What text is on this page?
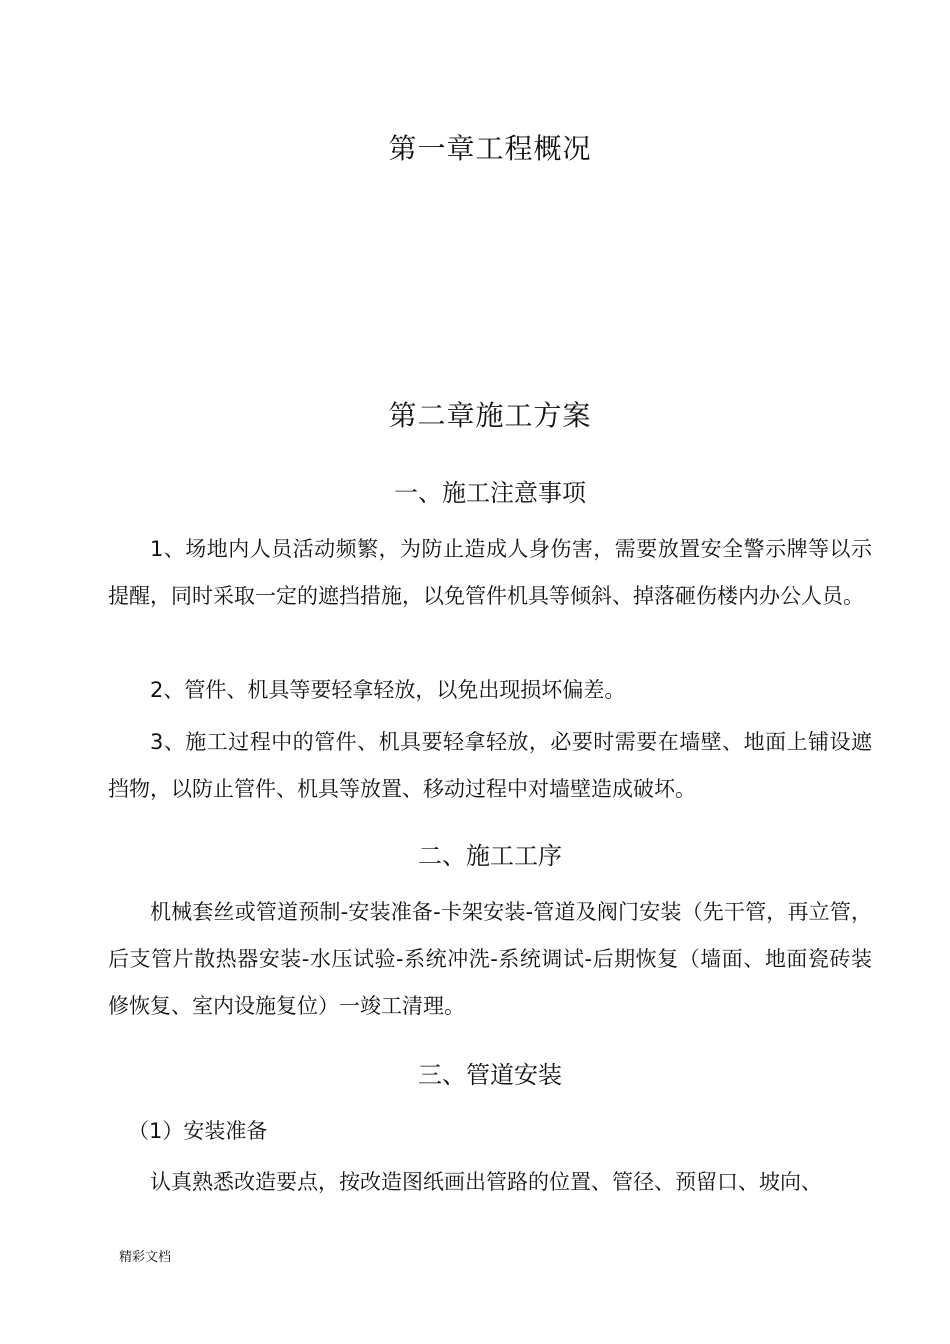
第一章工程概况
第二章施工方案
一、施工注意事项

1、场地内人员活动频繁，为防止造成人身伤害，需要放置安全警示牌等以示提醒，同时采取一定的遮挡措施，以免管件机具等倾斜、掉落砸伤楼内办公人员。

2、管件、机具等要轻拿轻放，以免出现损坏偏差。

3、施工过程中的管件、机具要轻拿轻放，必要时需要在墙壁、地面上铺设遮挡物，以防止管件、机具等放置、移动过程中对墙壁造成破坏。

二、施工工序

机械套丝或管道预制-安装准备-卡架安装-管道及阀门安装（先干管，再立管，后支管片散热器安装-水压试验-系统冲洗-系统调试-后期恢复（墙面、地面瓷砖装修恢复、室内设施复位）一竣工清理。

三、管道安装

（1）安装准备

认真熟悉改造要点，按改造图纸画出管路的位置、管径、预留口、坡向、

精彩文档
